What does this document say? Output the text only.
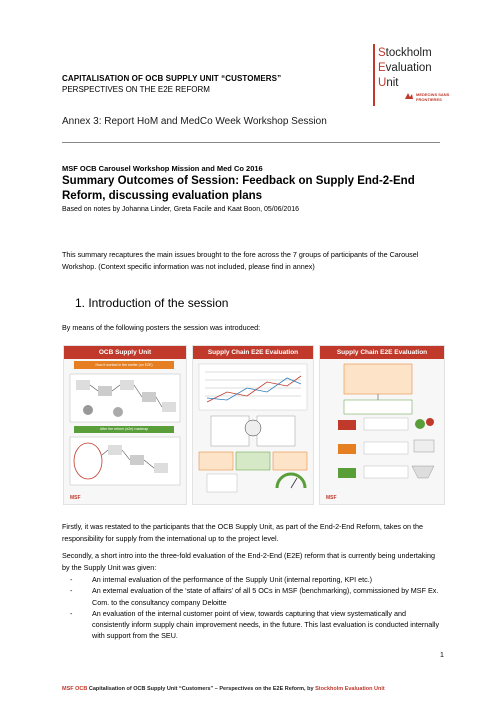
CAPITALISATION OF OCB SUPPLY UNIT “CUSTOMERS”
PERSPECTIVES ON THE E2E REFORM
Stockholm
Evaluation
Unit
MEDECINS SANS FRONTIERES
Annex 3: Report HoM and MedCo Week Workshop Session
MSF OCB Carousel Workshop Mission and Med Co 2016
Summary Outcomes of Session: Feedback on Supply End-2-End Reform, discussing evaluation plans
Based on notes by Johanna Linder, Greta Facile and Kaat Boon, 05/06/2016
This summary recaptures the main issues brought to the fore across the 7 groups of participants of the Carousel Workshop. (Context specific information was not included, please find in annex)
1. Introduction of the session
By means of the following posters the session was introduced:
OCB Supply Unit
How it worked in the earlier (on E2E)
After the reform (e2e) roadmap
MSF
Supply Chain E2E Evaluation	Supply Chain E2E Evaluation
MSF
Firstly, it was restated to the participants that the OCB Supply Unit, as part of the End-2-End Reform, takes on the responsibility for supply from the international up to the project level.
Secondly, a short intro into the three-fold evaluation of the End-2-End (E2E) reform that is currently being undertaking by the Supply Unit was given:
- An internal evaluation of the performance of the Supply Unit (internal reporting, KPI etc.)
- An external evaluation of the ‘state of affairs’ of all 5 OCs in MSF (benchmarking), commissioned by MSF Ex. Com. to the consultancy company Deloitte
- An evaluation of the internal customer point of view, towards capturing that view systematically and consistently inform supply chain improvement needs, in the future. This last evaluation is conducted internally with support from the SEU.
1
MSF OCB Capitalisation of OCB Supply Unit “Customers” – Perspectives on the E2E Reform, by Stockholm Evaluation Unit
